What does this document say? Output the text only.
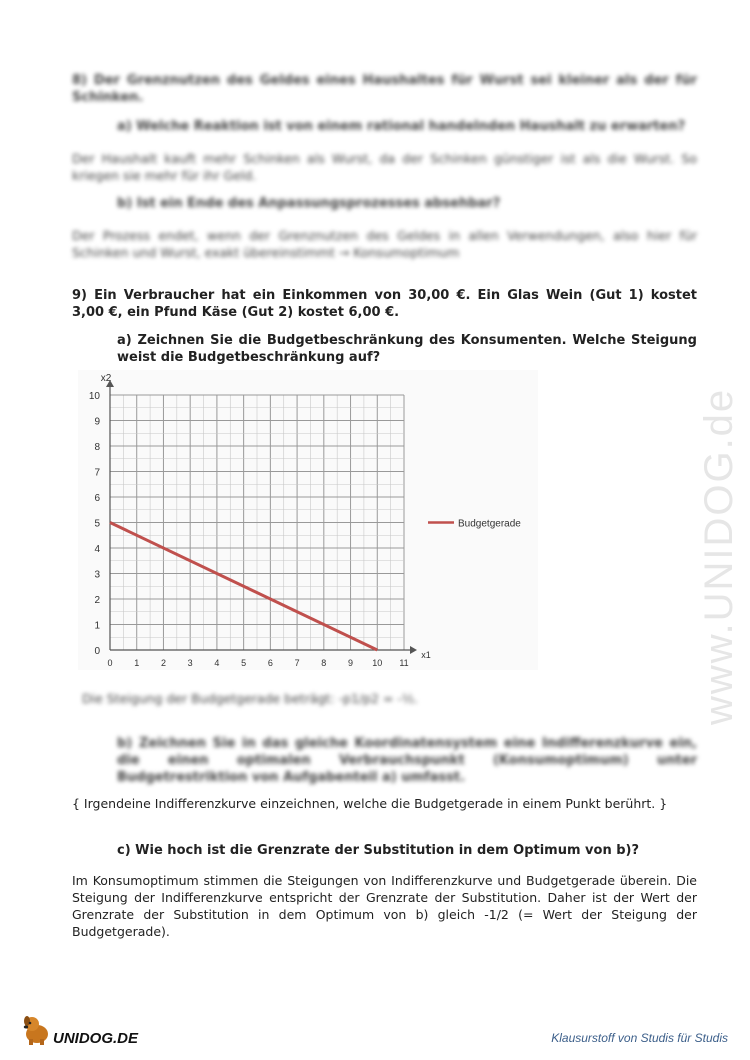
8) Der Grenznutzen des Geldes eines Haushaltes für Wurst sei kleiner als der für Schinken.
a) Welche Reaktion ist von einem rational handelnden Haushalt zu erwarten?
Der Haushalt kauft mehr Schinken als Wurst, da der Schinken günstiger ist als die Wurst. So kriegen sie mehr für ihr Geld.
b) Ist ein Ende des Anpassungsprozesses absehbar?
Der Prozess endet, wenn der Grenznutzen des Geldes in allen Verwendungen, also hier für Schinken und Wurst, exakt übereinstimmt → Konsumoptimum
9) Ein Verbraucher hat ein Einkommen von 30,00 €. Ein Glas Wein (Gut 1) kostet 3,00 €, ein Pfund Käse (Gut 2) kostet 6,00 €.
a) Zeichnen Sie die Budgetbeschränkung des Konsumenten. Welche Steigung weist die Budgetbeschränkung auf?
0
1
2
3
4
5
6
7
8
9
10
0 1 2 3 4 5 6 7 8 9 10 11
x2
x1
Budgetgerade
Die Steigung der Budgetgerade beträgt: -p1/p2 = -½.
b) Zeichnen Sie in das gleiche Koordinatensystem eine Indifferenzkurve ein, die einen optimalen Verbrauchspunkt (Konsumoptimum) unter Budgetrestriktion von Aufgabenteil a) umfasst.
{ Irgendeine Indifferenzkurve einzeichnen, welche die Budgetgerade in einem Punkt berührt. }
c) Wie hoch ist die Grenzrate der Substitution in dem Optimum von b)?
Im Konsumoptimum stimmen die Steigungen von Indifferenzkurve und Budgetgerade überein. Die Steigung der Indifferenzkurve entspricht der Grenzrate der Substitution. Daher ist der Wert der Grenzrate der Substitution in dem Optimum von b) gleich -1/2 (= Wert der Steigung der Budgetgerade).
www.UNIDOG.de
UNIDOG.DE	Klausurstoff von Studis für Studis
